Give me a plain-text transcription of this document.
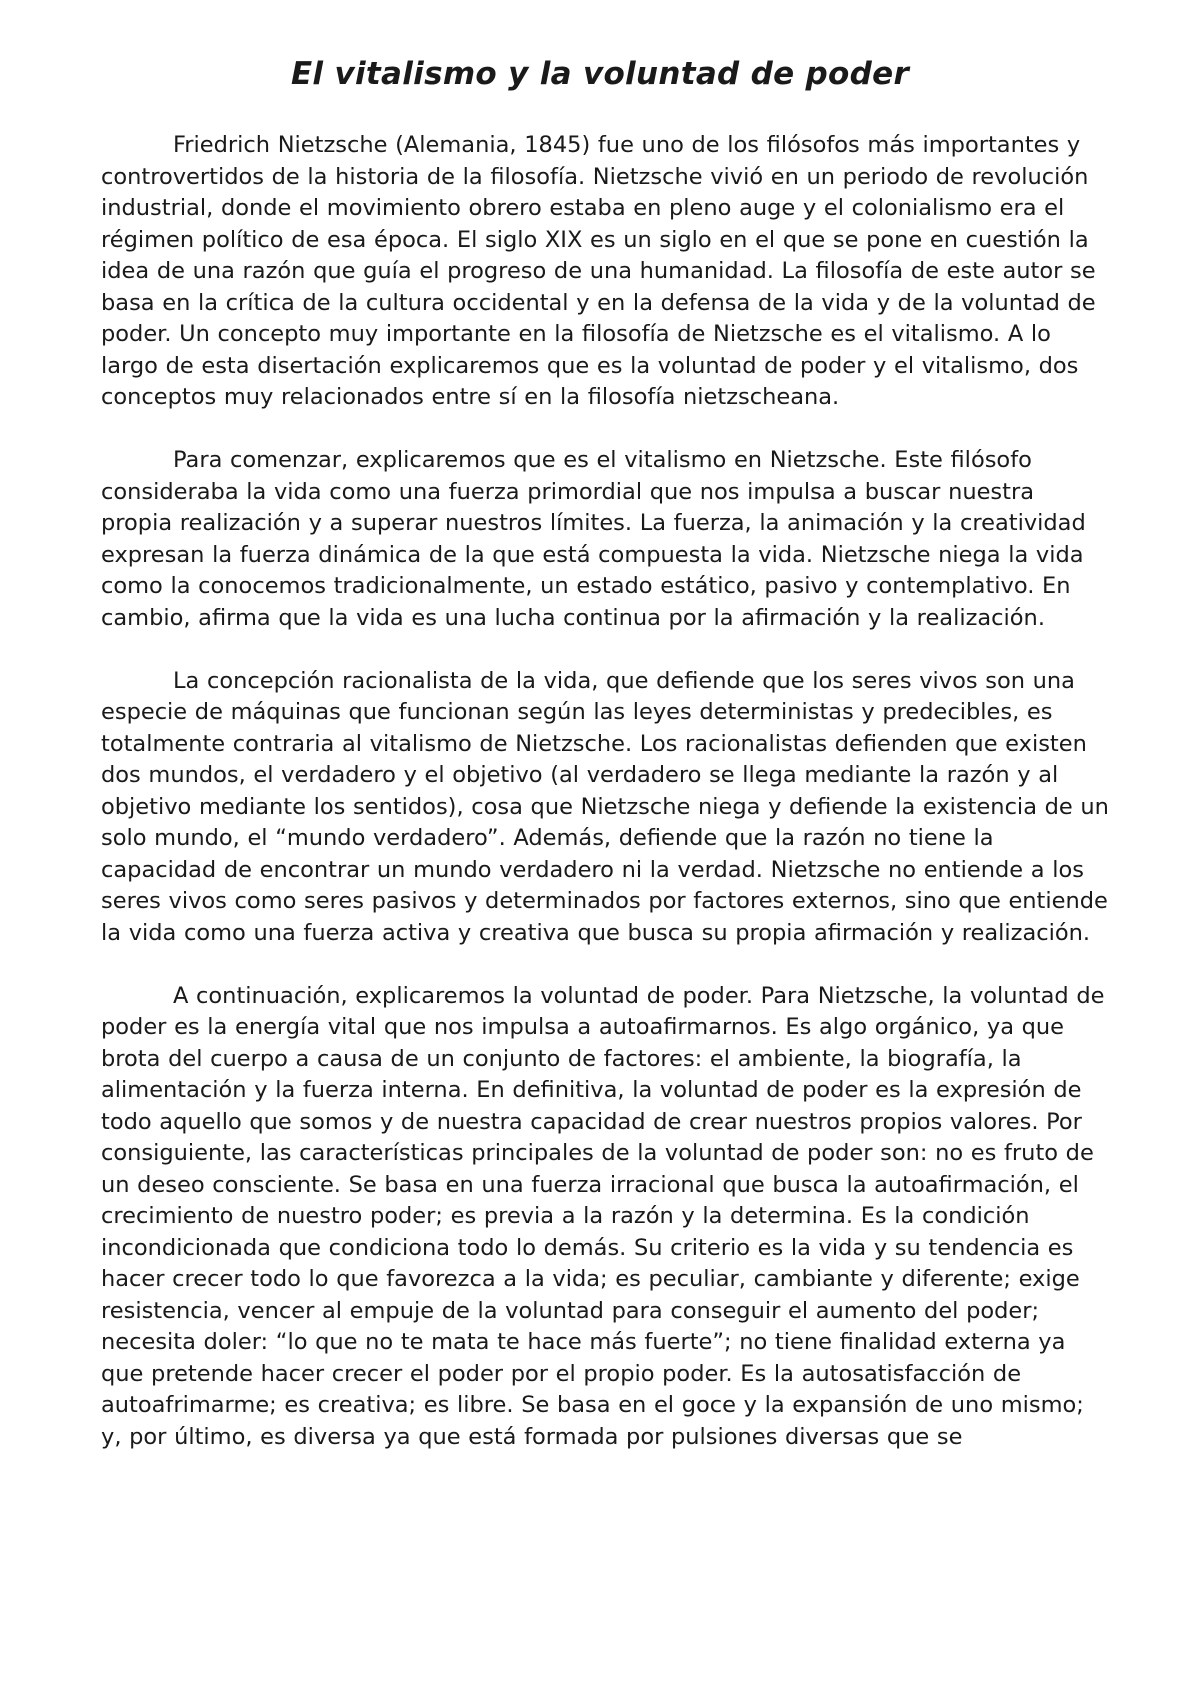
El vitalismo y la voluntad de poder

Friedrich Nietzsche (Alemania, 1845) fue uno de los filósofos más importantes y controvertidos de la historia de la filosofía. Nietzsche vivió en un periodo de revolución industrial, donde el movimiento obrero estaba en pleno auge y el colonialismo era el régimen político de esa época. El siglo XIX es un siglo en el que se pone en cuestión la idea de una razón que guía el progreso de una humanidad. La filosofía de este autor se basa en la crítica de la cultura occidental y en la defensa de la vida y de la voluntad de poder. Un concepto muy importante en la filosofía de Nietzsche es el vitalismo. A lo largo de esta disertación explicaremos que es la voluntad de poder y el vitalismo, dos conceptos muy relacionados entre sí en la filosofía nietzscheana.

Para comenzar, explicaremos que es el vitalismo en Nietzsche. Este filósofo consideraba la vida como una fuerza primordial que nos impulsa a buscar nuestra propia realización y a superar nuestros límites. La fuerza, la animación y la creatividad expresan la fuerza dinámica de la que está compuesta la vida. Nietzsche niega la vida como la conocemos tradicionalmente, un estado estático, pasivo y contemplativo. En cambio, afirma que la vida es una lucha continua por la afirmación y la realización.

La concepción racionalista de la vida, que defiende que los seres vivos son una especie de máquinas que funcionan según las leyes deterministas y predecibles, es totalmente contraria al vitalismo de Nietzsche. Los racionalistas defienden que existen dos mundos, el verdadero y el objetivo (al verdadero se llega mediante la razón y al objetivo mediante los sentidos), cosa que Nietzsche niega y defiende la existencia de un solo mundo, el “mundo verdadero”. Además, defiende que la razón no tiene la capacidad de encontrar un mundo verdadero ni la verdad. Nietzsche no entiende a los seres vivos como seres pasivos y determinados por factores externos, sino que entiende la vida como una fuerza activa y creativa que busca su propia afirmación y realización.

A continuación, explicaremos la voluntad de poder. Para Nietzsche, la voluntad de poder es la energía vital que nos impulsa a autoafirmarnos. Es algo orgánico, ya que brota del cuerpo a causa de un conjunto de factores: el ambiente, la biografía, la alimentación y la fuerza interna. En definitiva, la voluntad de poder es la expresión de todo aquello que somos y de nuestra capacidad de crear nuestros propios valores. Por consiguiente, las características principales de la voluntad de poder son: no es fruto de un deseo consciente. Se basa en una fuerza irracional que busca la autoafirmación, el crecimiento de nuestro poder; es previa a la razón y la determina. Es la condición incondicionada que condiciona todo lo demás. Su criterio es la vida y su tendencia es hacer crecer todo lo que favorezca a la vida; es peculiar, cambiante y diferente; exige resistencia, vencer al empuje de la voluntad para conseguir el aumento del poder; necesita doler: “lo que no te mata te hace más fuerte”; no tiene finalidad externa ya que pretende hacer crecer el poder por el propio poder. Es la autosatisfacción de autoafrimarme; es creativa; es libre. Se basa en el goce y la expansión de uno mismo; y, por último, es diversa ya que está formada por pulsiones diversas que se
